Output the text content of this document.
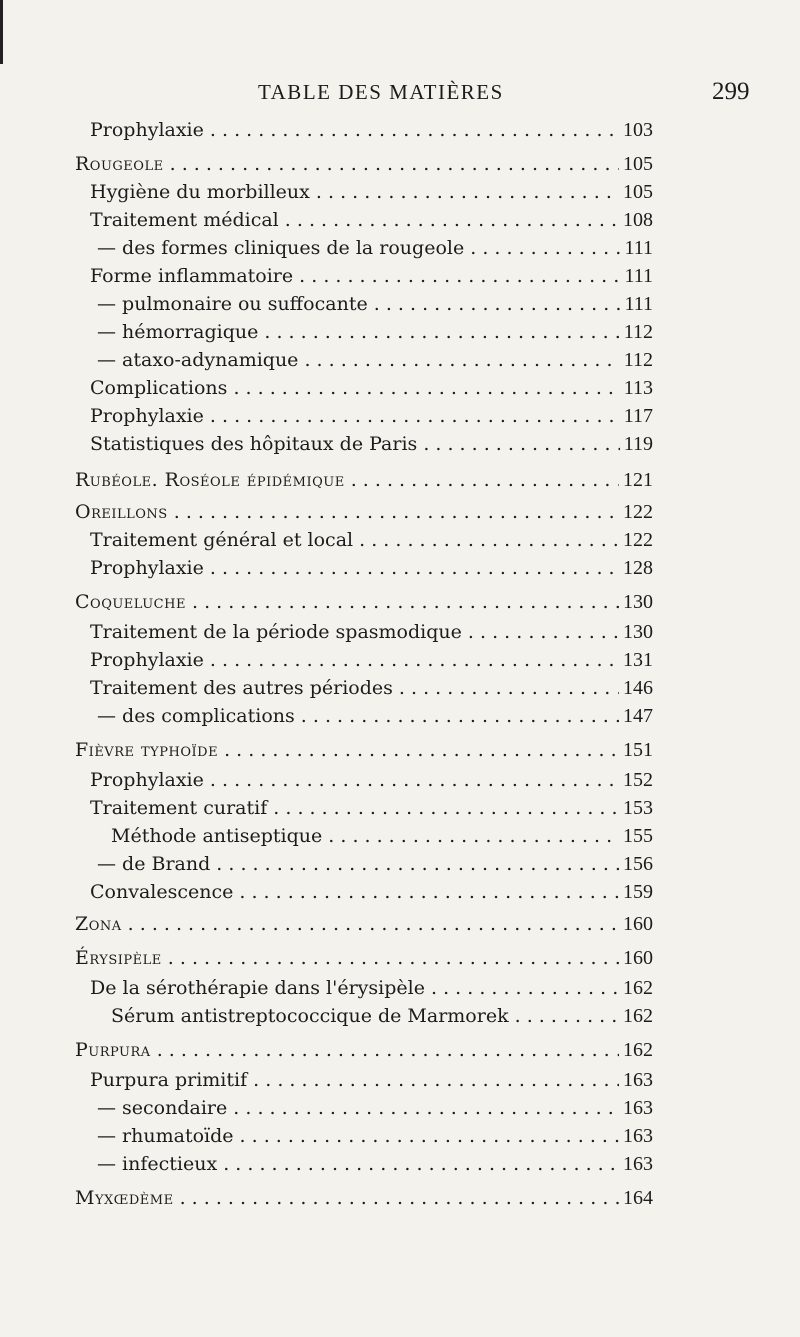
TABLE DES MATIÈRES	299
Prophylaxie . . .	103
Rougeole . . .	105
Hygiène du morbilleux . . .	105
Traitement médical . . .	108
— des formes cliniques de la rougeole . . .	111
Forme inflammatoire . . .	111
— pulmonaire ou suffocante . . .	111
— hémorragique . . .	112
— ataxo-adynamique . . .	112
Complications . . .	113
Prophylaxie . . .	117
Statistiques des hôpitaux de Paris . . .	119
Rubéole. Roséole épidémique . . .	121
Oreillons . . .	122
Traitement général et local . . .	122
Prophylaxie . . .	128
Coqueluche . . .	130
Traitement de la période spasmodique . . .	130
Prophylaxie . . .	131
Traitement des autres périodes . . .	146
— des complications . . .	147
Fièvre typhoïde . . .	151
Prophylaxie . . .	152
Traitement curatif . . .	153
Méthode antiseptique . . .	155
— de Brand . . .	156
Convalescence . . .	159
Zona . . .	160
Érysipèle . . .	160
De la sérothérapie dans l'érysipèle . . .	162
Sérum antistreptococcique de Marmorek . . .	162
Purpura . . .	162
Purpura primitif . . .	163
— secondaire . . .	163
— rhumatoïde . . .	163
— infectieux . . .	163
Myxœdème . . .	164
